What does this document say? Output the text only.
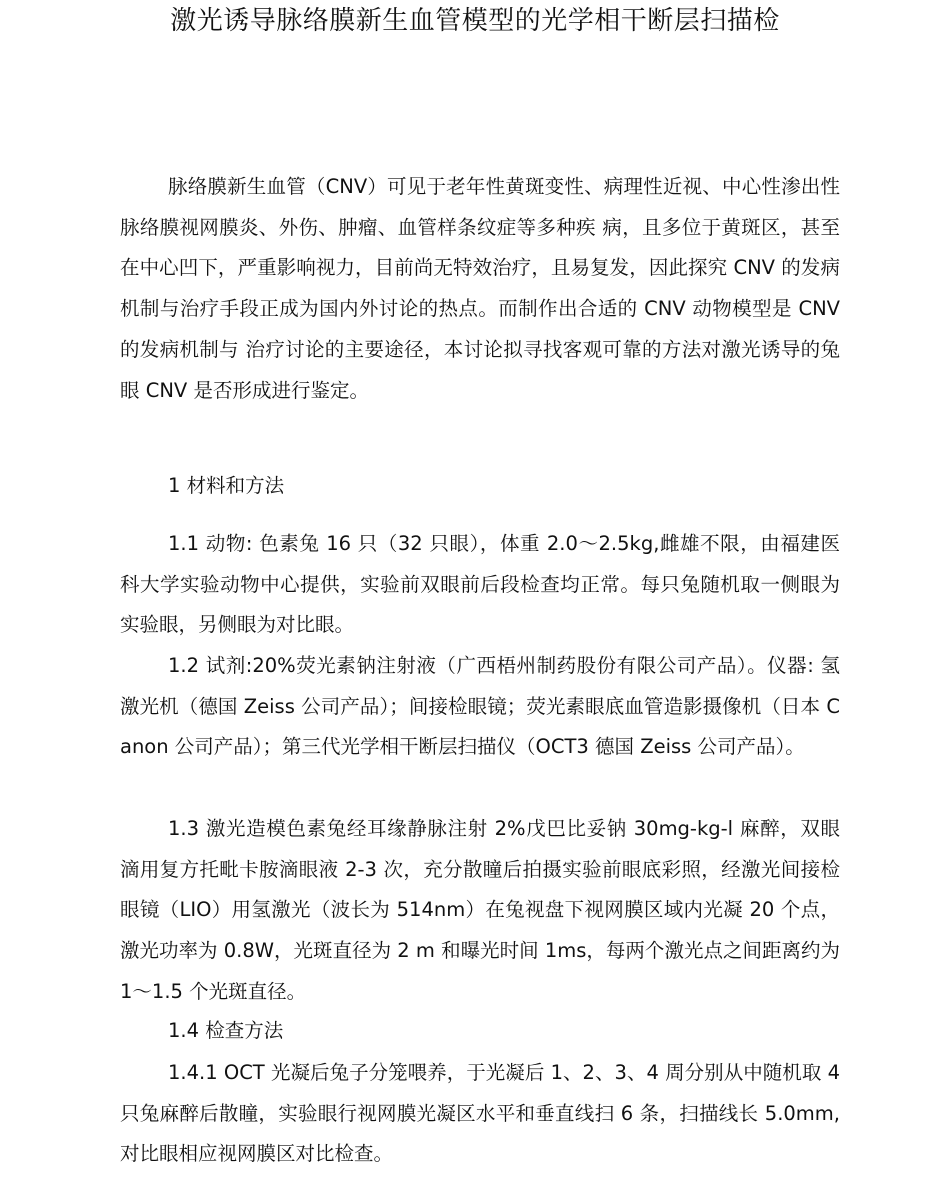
激光诱导脉络膜新生血管模型的光学相干断层扫描检

脉络膜新生血管（CNV）可见于老年性黄斑变性、病理性近视、中心性渗出性脉络膜视网膜炎、外伤、肿瘤、血管样条纹症等多种疾 病，且多位于黄斑区，甚至在中心凹下，严重影响视力，目前尚无特效治疗，且易复发，因此探究 CNV 的发病机制与治疗手段正成为国内外讨论的热点。而制作出合适的 CNV 动物模型是 CNV 的发病机制与 治疗讨论的主要途径，本讨论拟寻找客观可靠的方法对激光诱导的兔眼 CNV 是否形成进行鉴定。

1 材料和方法

1.1 动物: 色素兔 16 只（32 只眼），体重 2.0〜2.5kg,雌雄不限，由福建医科大学实验动物中心提供，实验前双眼前后段检查均正常。每只兔随机取一侧眼为实验眼，另侧眼为对比眼。

1.2 试剂:20%荧光素钠注射液（广西梧州制药股份有限公司产品）。仪器: 氢激光机（德国 Zeiss 公司产品）；间接检眼镜；荧光素眼底血管造影摄像机（日本 Canon 公司产品）；第三代光学相干断层扫描仪（OCT3 德国 Zeiss 公司产品）。

1.3 激光造模色素兔经耳缘静脉注射 2%戊巴比妥钠 30mg-kg-l 麻醉，双眼滴用复方托毗卡胺滴眼液 2-3 次，充分散瞳后拍摄实验前眼底彩照，经激光间接检眼镜（LIO）用氢激光（波长为 514nm）在兔视盘下视网膜区域内光凝 20 个点，激光功率为 0.8W，光斑直径为 2 m 和曝光时间 1ms，每两个激光点之间距离约为 1〜1.5 个光斑直径。

1.4 检查方法

1.4.1 OCT 光凝后兔子分笼喂养，于光凝后 1、2、3、4 周分别从中随机取 4 只兔麻醉后散瞳，实验眼行视网膜光凝区水平和垂直线扫 6 条，扫描线长 5.0mm,对比眼相应视网膜区对比检查。
